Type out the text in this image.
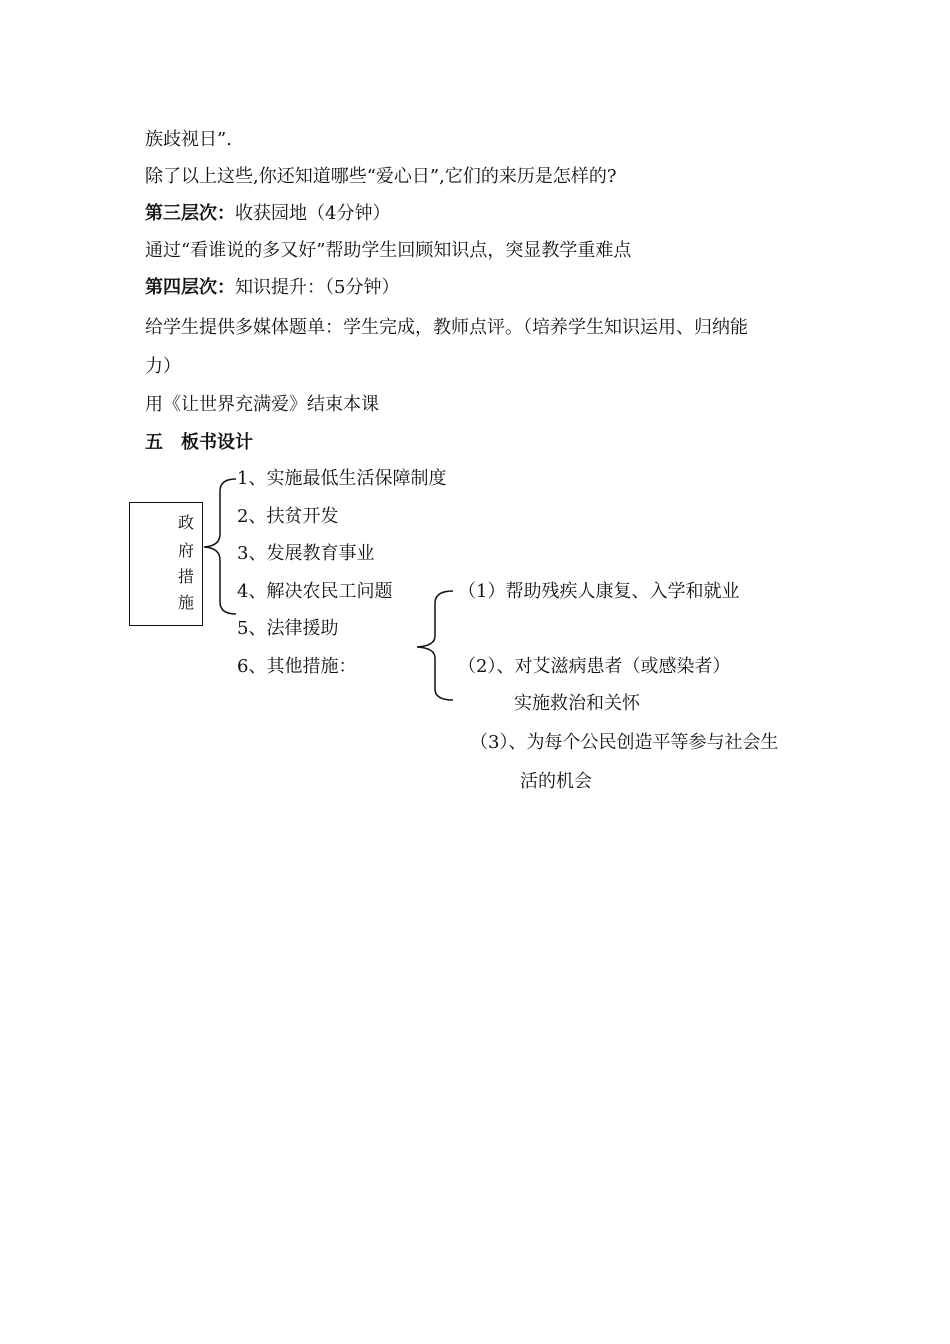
族歧视日”.
除了以上这些,你还知道哪些“爱心日”,它们的来历是怎样的?
第三层次：收获园地（4分钟）
通过“看谁说的多又好”帮助学生回顾知识点，突显教学重难点
第四层次：知识提升：（5分钟）
给学生提供多媒体题单：学生完成，教师点评。（培养学生知识运用、归纳能
力）
用《让世界充满爱》结束本课
五　板书设计
政
府
措
施
1、实施最低生活保障制度
2、扶贫开发
3、发展教育事业
4、解决农民工问题
5、法律援助
6、其他措施：
（1）帮助残疾人康复、入学和就业
（2）、对艾滋病患者（或感染者）
实施救治和关怀
（3）、为每个公民创造平等参与社会生
活的机会
